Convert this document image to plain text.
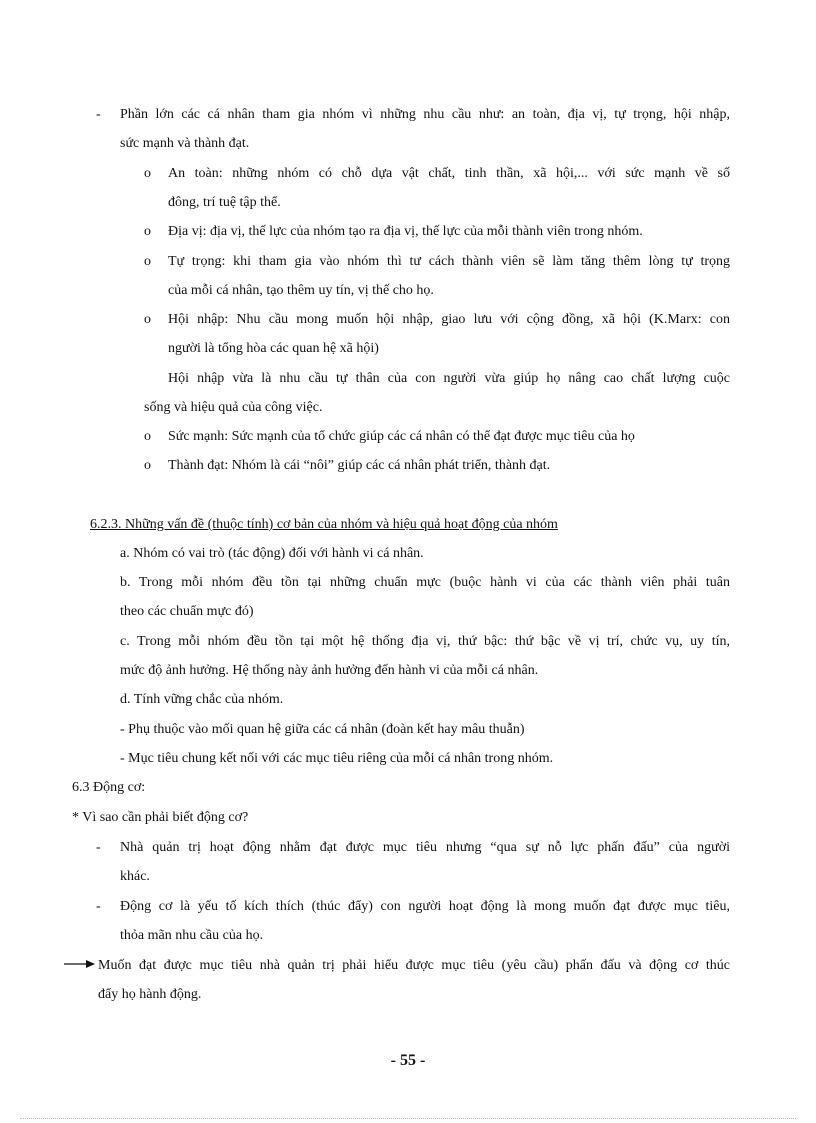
- Phần lớn các cá nhân tham gia nhóm vì những nhu cầu như: an toàn, địa vị, tự trọng, hội nhập,
sức mạnh và thành đạt.
o An toàn: những nhóm có chỗ dựa vật chất, tinh thần, xã hội,... với sức mạnh về số
đông, trí tuệ tập thể.
o Địa vị: địa vị, thế lực của nhóm tạo ra địa vị, thế lực của mỗi thành viên trong nhóm.
o Tự trọng: khi tham gia vào nhóm thì tư cách thành viên sẽ làm tăng thêm lòng tự trọng
của mỗi cá nhân, tạo thêm uy tín, vị thế cho họ.
o Hội nhập: Nhu cầu mong muốn hội nhập, giao lưu với cộng đồng, xã hội (K.Marx: con
người là tổng hòa các quan hệ xã hội)
Hội nhập vừa là nhu cầu tự thân của con người vừa giúp họ nâng cao chất lượng cuộc
sống và hiệu quả của công việc.
o Sức mạnh: Sức mạnh của tổ chức giúp các cá nhân có thể đạt được mục tiêu của họ
o Thành đạt: Nhóm là cái “nôi” giúp các cá nhân phát triển, thành đạt.
6.2.3. Những vấn đề (thuộc tính) cơ bản của nhóm và hiệu quả hoạt động của nhóm
a. Nhóm có vai trò (tác động) đối với hành vi cá nhân.
b. Trong mỗi nhóm đều tồn tại những chuẩn mực (buộc hành vi của các thành viên phải tuân
theo các chuẩn mực đó)
c. Trong mỗi nhóm đều tồn tại một hệ thống địa vị, thứ bậc: thứ bậc về vị trí, chức vụ, uy tín,
mức độ ảnh hưởng. Hệ thống này ảnh hưởng đến hành vi của mỗi cá nhân.
d. Tính vững chắc của nhóm.
- Phụ thuộc vào mối quan hệ giữa các cá nhân (đoàn kết hay mâu thuẫn)
- Mục tiêu chung kết nối với các mục tiêu riêng của mỗi cá nhân trong nhóm.
6.3 Động cơ:
* Vì sao cần phải biết động cơ?
- Nhà quản trị hoạt động nhằm đạt được mục tiêu nhưng “qua sự nỗ lực phấn đấu” của người
khác.
- Động cơ là yếu tố kích thích (thúc đẩy) con người hoạt động là mong muốn đạt được mục tiêu,
thỏa mãn nhu cầu của họ.
Muốn đạt được mục tiêu nhà quản trị phải hiểu được mục tiêu (yêu cầu) phấn đấu và động cơ thúc
đẩy họ hành động.
- 55 -
